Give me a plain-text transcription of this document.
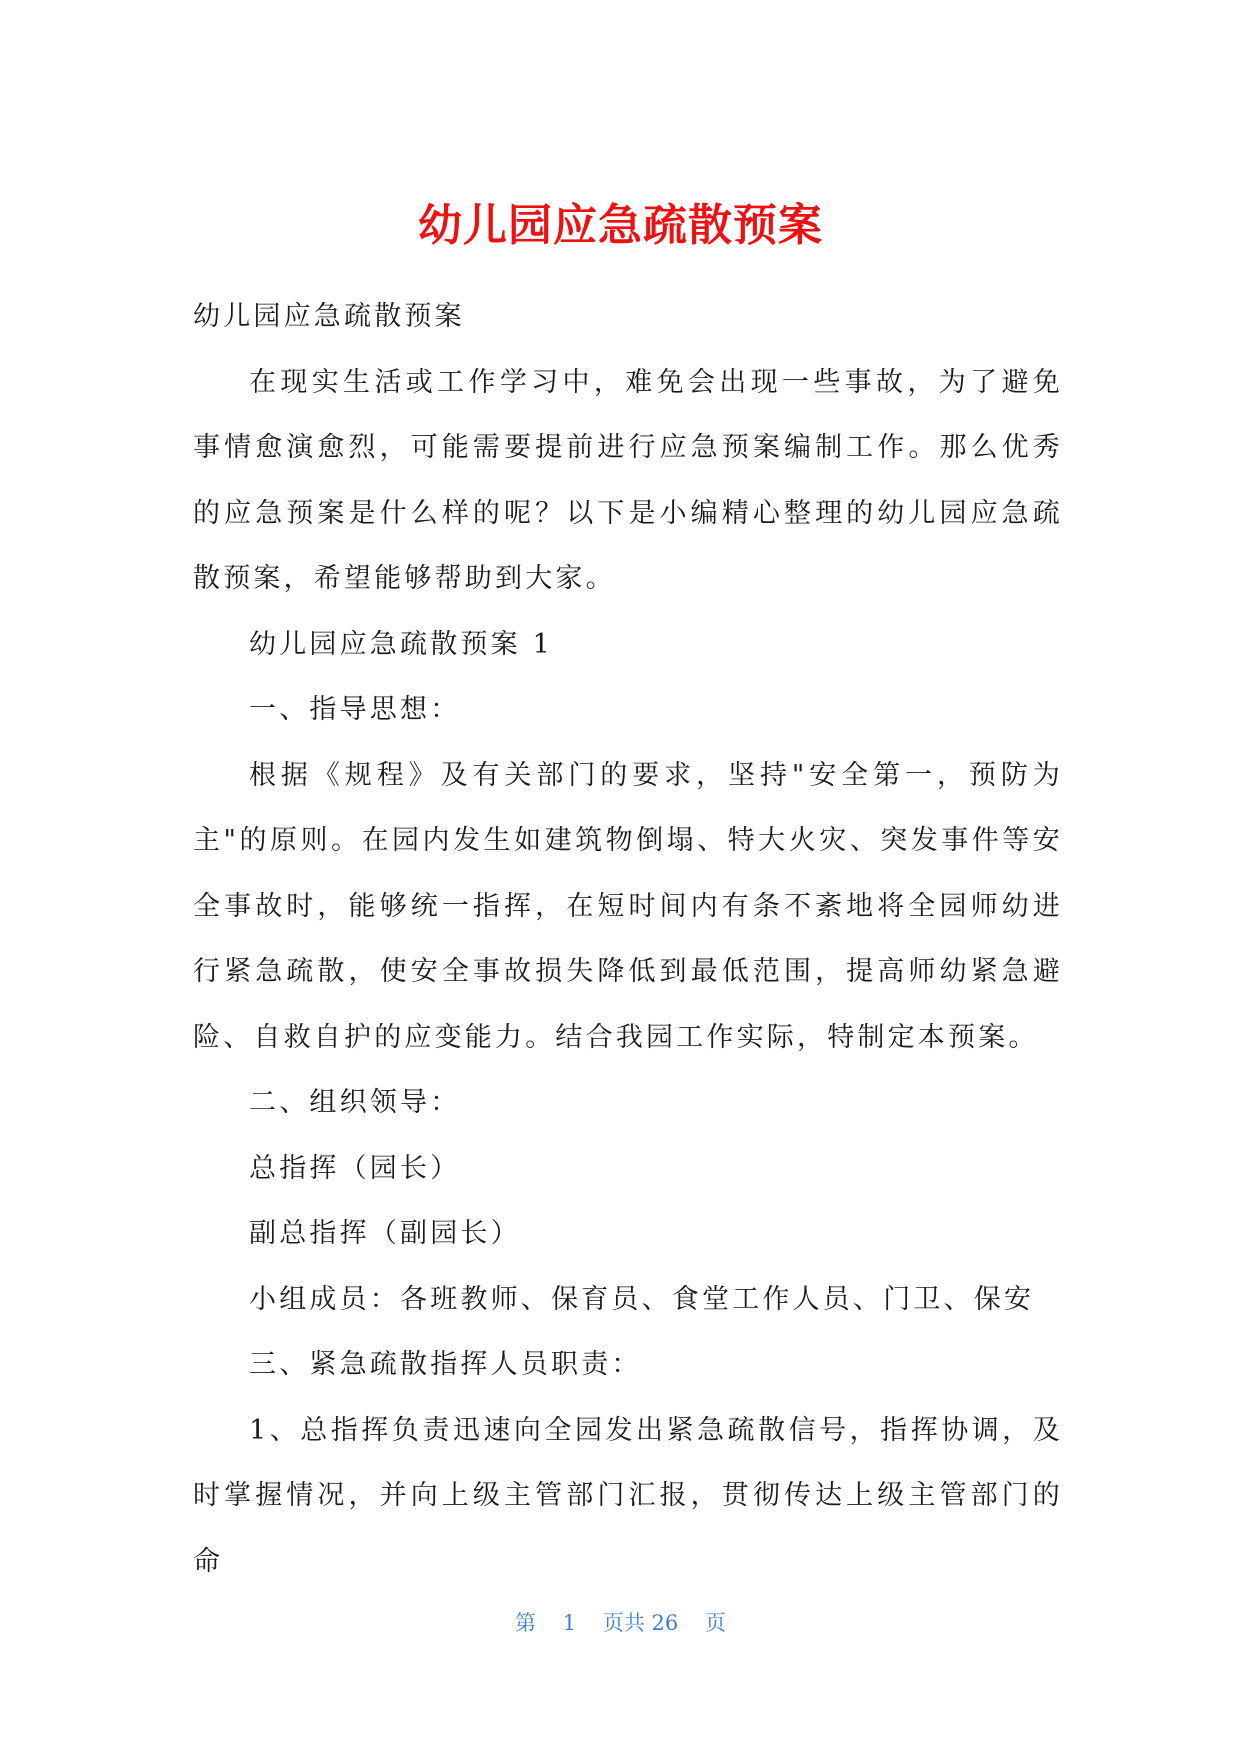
幼儿园应急疏散预案

幼儿园应急疏散预案

在现实生活或工作学习中，难免会出现一些事故，为了避免事情愈演愈烈，可能需要提前进行应急预案编制工作。那么优秀的应急预案是什么样的呢？以下是小编精心整理的幼儿园应急疏散预案，希望能够帮助到大家。

幼儿园应急疏散预案 1

一、指导思想：

根据《规程》及有关部门的要求，坚持"安全第一，预防为主"的原则。在园内发生如建筑物倒塌、特大火灾、突发事件等安全事故时，能够统一指挥，在短时间内有条不紊地将全园师幼进行紧急疏散，使安全事故损失降低到最低范围，提高师幼紧急避险、自救自护的应变能力。结合我园工作实际，特制定本预案。

二、组织领导：

总指挥（园长）

副总指挥（副园长）

小组成员：各班教师、保育员、食堂工作人员、门卫、保安

三、紧急疏散指挥人员职责：

1、总指挥负责迅速向全园发出紧急疏散信号，指挥协调，及时掌握情况，并向上级主管部门汇报，贯彻传达上级主管部门的命

第 1 页共 26 页
